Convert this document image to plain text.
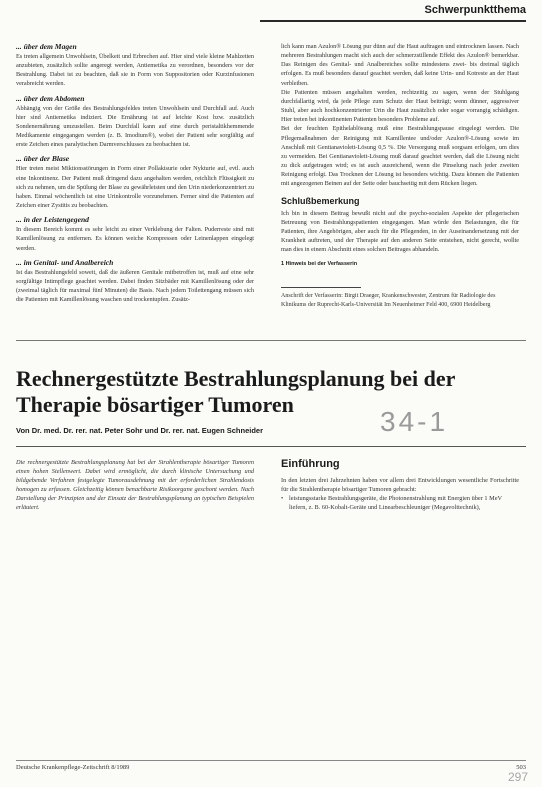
Schwerpunktthema
... über dem Magen
Es treten allgemein Unwohlsein, Übelkeit und Erbrechen auf. Hier sind viele kleine Mahlzeiten anzubieten, zusätzlich sollte angeregt werden, Antiemetika zu verordnen, besonders vor der Bestrahlung. Dabei ist zu beachten, daß sie in Form von Suppositorien oder Kurzinfusionen verabreicht werden.
... über dem Abdomen
Abhängig von der Größe des Bestrahlungsfeldes treten Unwohlsein und Durchfall auf. Auch hier sind Antiemetika indiziert. Die Ernährung ist auf leichte Kost bzw. zusätzlich Sondenernährung umzustellen. Beim Durchfall kann auf eine durch peristaltikhemmende Medikamente eingegangen werden (z. B. Imodium®), wobei der Patient sehr sorgfältig auf erste Zeichen eines paralytischen Darmverschlusses zu beobachten ist.
... über der Blase
Hier treten meist Miktionsstörungen in Form einer Pollakisurie oder Nykturie auf, evtl. auch eine Inkontinenz. Der Patient muß dringend dazu angehalten werden, reichlich Flüssigkeit zu sich zu nehmen, um die Spülung der Blase zu gewährleisten und den Urin niederkonzentriert zu haben. Einmal wöchentlich ist eine Urinkontrolle vorzunehmen. Ferner sind die Patienten auf Zeichen einer Zystitis zu beobachten.
... in der Leistengegend
In diesem Bereich kommt es sehr leicht zu einer Verklebung der Falten. Puderreste sind mit Kamillenlösung zu entfernen. Es können weiche Kompressen oder Leinenlappen eingelegt werden.
... im Genital- und Analbereich
Ist das Bestrahlungsfeld soweit, daß die äußeren Genitale mitbetroffen ist, muß auf eine sehr sorgfältige Intimpflege geachtet werden. Dabei finden Sitzbäder mit Kamillenlösung oder der (zweimal täglich für maximal fünf Minuten) die Basis. Nach jedem Toilettengang müssen sich die Patienten mit Kamillenlösung waschen und trockentupfen. Zusätz-
lich kann man Azulon® Lösung pur dünn auf die Haut auftragen und eintrocknen lassen. Nach mehreren Bestrahlungen macht sich auch der schmerzstillende Effekt des Azulon® bemerkbar. Das Reinigen des Genital- und Analbereiches sollte mindestens zwei- bis dreimal täglich erfolgen. Es muß besonders darauf geachtet werden, daß keine Urin- und Kotreste an der Haut verbleiben.
Die Patienten müssen angehalten werden, rechtzeitig zu sagen, wenn der Stuhlgang durchfallartig wird, da jede Pflege zum Schutz der Haut beiträgt; wenn dünner, aggressiver Stuhl, aber auch hochkonzentrierter Urin die Haut zusätzlich oder sogar vorrangig schädigen. Hier treten bei inkontinenten Patienten besonders Probleme auf.
Bei der feuchten Epithelablösung muß eine Bestrahlungspause eingelegt werden. Die Pflegemaßnahmen der Reinigung mit Kamillentee und/oder Azulon®-Lösung sowie im Anschluß mit Gentianaviolett-Lösung 0,5 %. Die Versorgung muß sorgsam erfolgen, um dies zu vermeiden. Bei Gentianaviolett-Lösung muß darauf geachtet werden, daß die Lösung nicht zu dick aufgetragen wird; es ist auch ausreichend, wenn die Pinselung nach jeder zweiten Reinigung erfolgt. Das Trocknen der Lösung ist besonders wichtig. Dazu können die Patienten mit angezogenen Beinen auf der Seite oder bauchseitig mit dem Rücken liegen.
Schlußbemerkung
Ich bin in diesem Beitrag bewußt nicht auf die psycho-sozialen Aspekte der pflegerischen Betreuung von Bestrahlungspatienten eingegangen. Man würde den Belastungen, die für Patienten, ihre Angehörigen, aber auch für die Pflegenden, in der Auseinandersetzung mit der Krankheit auftreten, und der Therapie auf den anderen Seite entstehen, nicht gerecht, wollte man dies in einem Abschnitt eines solchen Beitrages abhandeln.
1 Hinweis bei der Verfasserin
Anschrift der Verfasserin: Birgit Draeger, Krankenschwester, Zentrum für Radiologie des Klinikums der Ruprecht-Karls-Universität Im Neuenheimer Feld 400, 6900 Heidelberg
Rechnergestützte Bestrahlungsplanung bei der
Therapie bösartiger Tumoren
34-1
Von Dr. med. Dr. rer. nat. Peter Sohr und Dr. rer. nat. Eugen Schneider
Die rechnergestützte Bestrahlungsplanung hat bei der Strahlentherapie bösartiger Tumoren einen hohen Stellenwert. Dabei wird ermöglicht, die durch klinische Untersuchung und bildgebende Verfahren festgelegte Tumorausdehnung mit der erforderlichen Strahlendosis homogen zu erfassen. Gleichzeitig können benachbarte Risikoorgane geschont werden. Nach Darstellung der Prinzipien und der Einsatz der Bestrahlungsplanung an typischen Beispielen erläutert.
Einführung
In den letzten drei Jahrzehnten haben vor allem drei Entwicklungen wesentliche Fortschritte für die Strahlentherapie bösartiger Tumoren gebracht:
• leistungsstarke Bestrahlungsgeräte, die Photonenstrahlung mit Energien über 1 MeV liefern, z. B. 60-Kobalt-Geräte und Linearbeschleuniger (Megavolttechnik),
Deutsche Krankenpflege-Zeitschrift 8/1989	503
297
